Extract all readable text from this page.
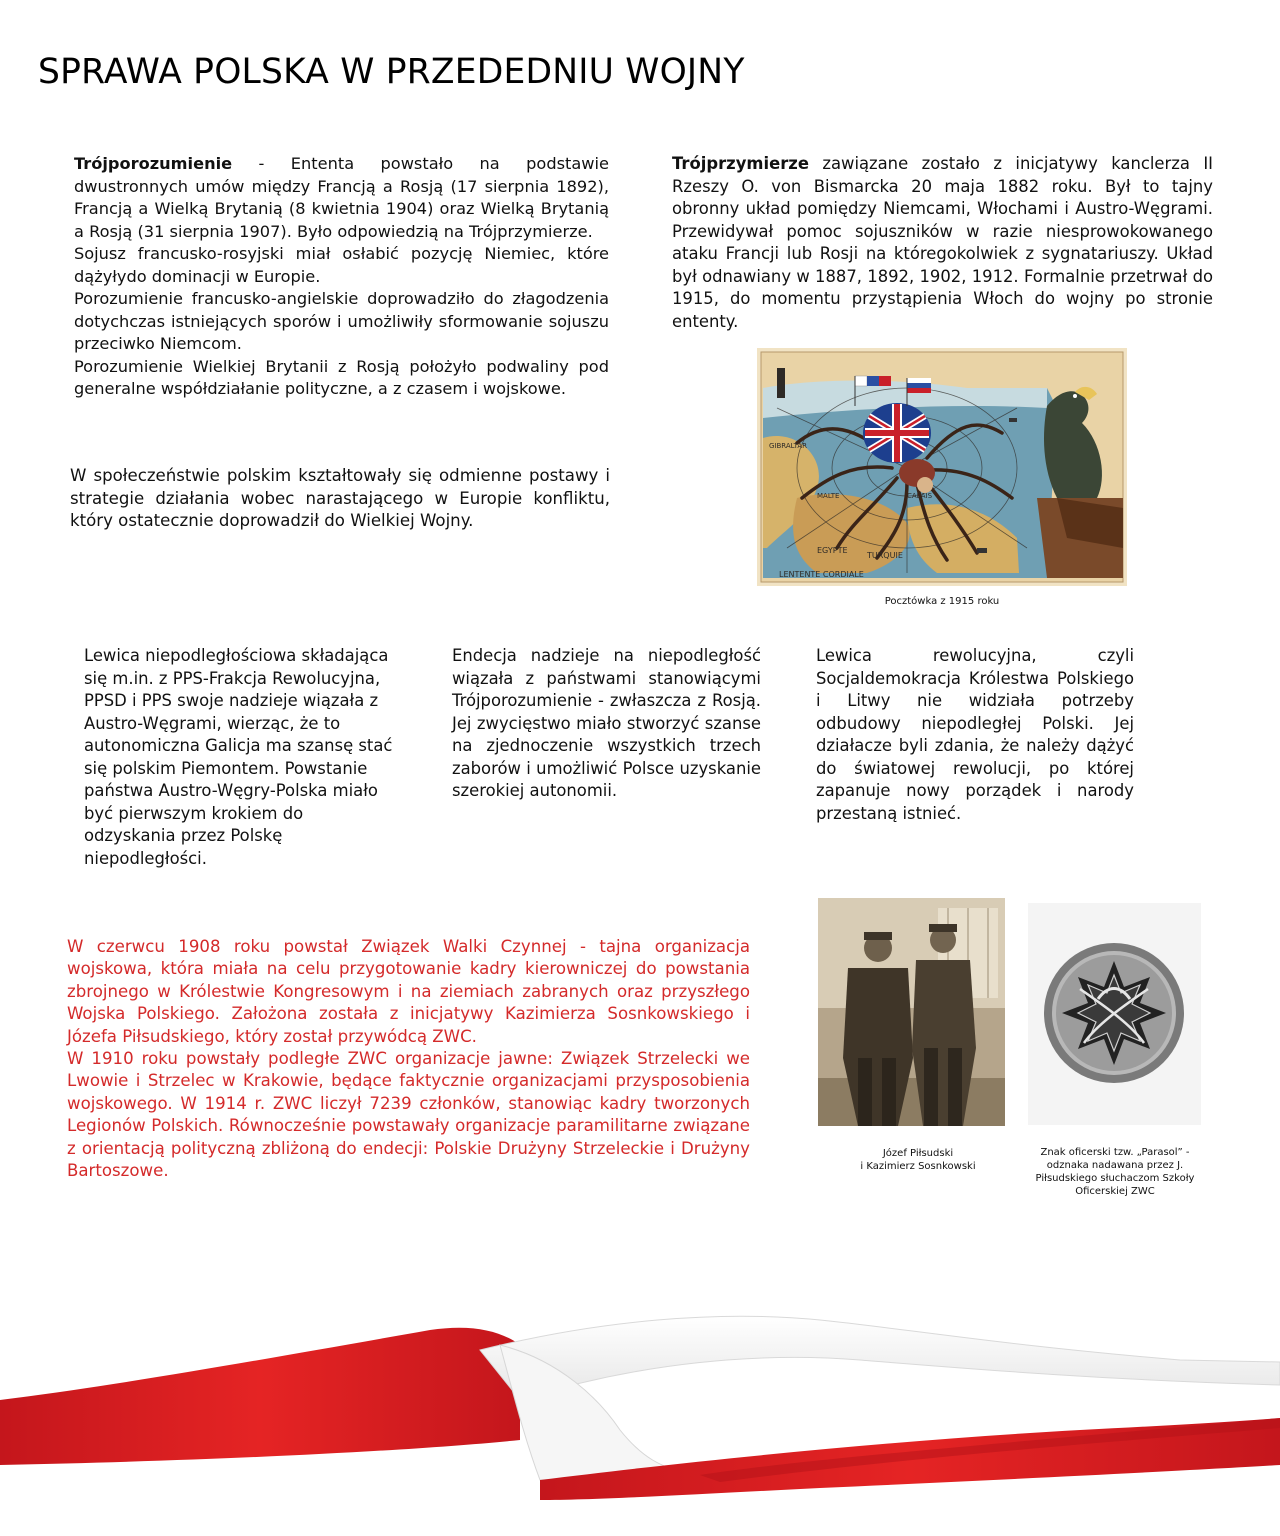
SPRAWA POLSKA W PRZEDEDNIU WOJNY

Trójporozumienie - Ententa powstało na podstawie dwustronnych umów między Francją a Rosją (17 sierpnia 1892), Francją a Wielką Brytanią (8 kwietnia 1904) oraz Wielką Brytanią a Rosją (31 sierpnia 1907). Było odpowiedzią na Trójprzymierze.

Sojusz francusko-rosyjski miał osłabić pozycję Niemiec, które dążyłydo dominacji w Europie.

Porozumienie francusko-angielskie doprowadziło do złagodzenia dotychczas istniejących sporów i umożliwiły sformowanie sojuszu przeciwko Niemcom.

Porozumienie Wielkiej Brytanii z Rosją położyło podwaliny pod generalne współdziałanie polityczne, a z czasem i wojskowe.

W społeczeństwie polskim kształtowały się odmienne postawy i strategie działania wobec narastającego w Europie konfliktu, który ostatecznie doprowadził do Wielkiej Wojny.

Trójprzymierze zawiązane zostało z inicjatywy kanclerza II Rzeszy O. von Bismarcka 20 maja 1882 roku. Był to tajny obronny układ pomiędzy Niemcami, Włochami i Austro-Węgrami. Przewidywał pomoc sojuszników w razie niesprowokowanego ataku Francji lub Rosji na któregokolwiek z sygnatariuszy. Układ był odnawiany w 1887, 1892, 1902, 1912. Formalnie przetrwał do 1915, do momentu przystąpienia Włoch do wojny po stronie ententy.

GIBRALTAR
MALTE	CALAIS
EGYPTE
TURQUIE
LENTENTE CORDIALE
Pocztówka z 1915 roku

Lewica niepodległościowa składająca się m.in. z PPS-Frakcja Rewolucyjna, PPSD i PPS swoje nadzieje wiązała z Austro-Węgrami, wierząc, że to autonomiczna Galicja ma szansę stać się polskim Piemontem. Powstanie państwa Austro-Węgry-Polska miało być pierwszym krokiem do odzyskania przez Polskę niepodległości.

Endecja nadzieje na niepodległość wiązała z państwami stanowiącymi Trójporozumienie - zwłaszcza z Rosją. Jej zwycięstwo miało stworzyć szanse na zjednoczenie wszystkich trzech zaborów i umożliwić Polsce uzyskanie szerokiej autonomii.

Lewica rewolucyjna, czyli Socjaldemokracja Królestwa Polskiego i Litwy nie widziała potrzeby odbudowy niepodległej Polski. Jej działacze byli zdania, że należy dążyć do światowej rewolucji, po której zapanuje nowy porządek i narody przestaną istnieć.

W czerwcu 1908 roku powstał Związek Walki Czynnej - tajna organizacja wojskowa, która miała na celu przygotowanie kadry kierowniczej do powstania zbrojnego w Królestwie Kongresowym i na ziemiach zabranych oraz przyszłego Wojska Polskiego. Założona została z inicjatywy Kazimierza Sosnkowskiego i Józefa Piłsudskiego, który został przywódcą ZWC.

W 1910 roku powstały podległe ZWC organizacje jawne: Związek Strzelecki we Lwowie i Strzelec w Krakowie, będące faktycznie organizacjami przysposobienia wojskowego. W 1914 r. ZWC liczył 7239 członków, stanowiąc kadry tworzonych Legionów Polskich. Równocześnie powstawały organizacje paramilitarne związane z orientacją polityczną zbliżoną do endecji: Polskie Drużyny Strzeleckie i Drużyny Bartoszowe.

Józef Piłsudski
i Kazimierz Sosnkowski
Znak oficerski tzw. „Parasol” -
odznaka nadawana przez J.
Piłsudskiego słuchaczom Szkoły
Oficerskiej ZWC
